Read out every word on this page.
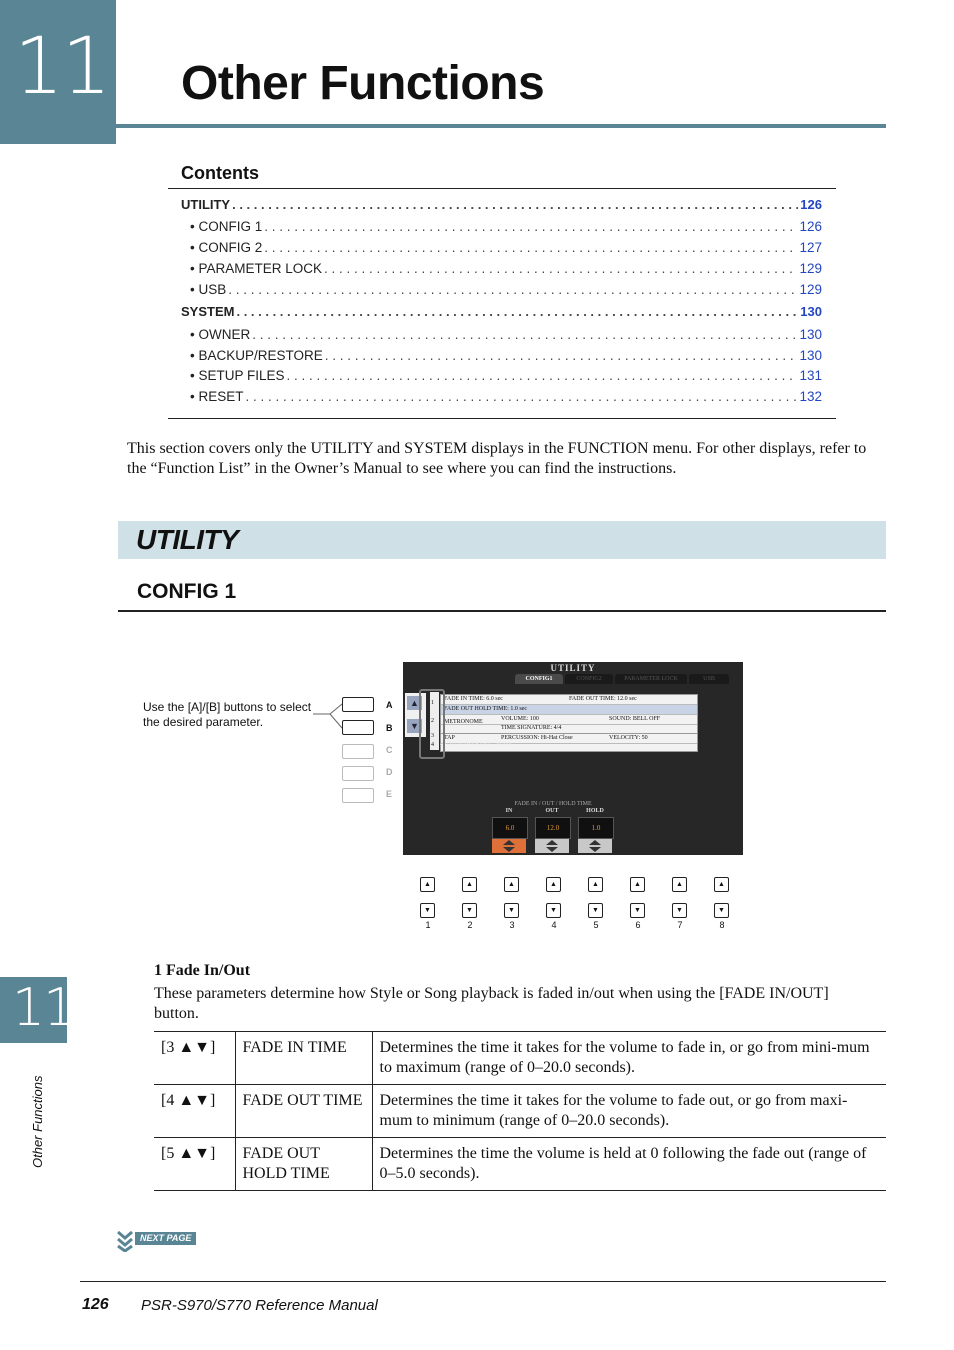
11 Other Functions
Contents
UTILITY . . .	126
• CONFIG 1 . . .	126
• CONFIG 2 . . .	127
• PARAMETER LOCK . . .	129
• USB . . .	129
SYSTEM . . .	130
• OWNER . . .	130
• BACKUP/RESTORE . . .	130
• SETUP FILES . . .	131
• RESET . . .	132
This section covers only the UTILITY and SYSTEM displays in the FUNCTION menu. For other displays, refer to the “Function List” in the Owner’s Manual to see where you can find the instructions.
UTILITY
CONFIG 1
Use the [A]/[B] buttons to select the desired parameter.
A
B
C
D
E
UTILITY
CONFIG1	CONFIG2	PARAMETER LOCK	USB
1
2
3
4
FADE IN TIME: 6.0 sec	FADE OUT TIME: 12.0 sec
FADE OUT HOLD TIME: 1.0 sec
METRONOME	VOLUME: 100	SOUND: BELL OFF
TIME SIGNATURE: 4/4
TAP	PERCUSSION: Hi-Hat Close	VELOCITY: 50
AUTO POWER OFF: 30 min.
FADE IN / OUT / HOLD TIME
IN	OUT	HOLD
6.0	12.0	1.0
▲
▼
▲
▼
1
▲
▼
2
▲
▼
3
▲
▼
4
▲
▼
5
▲
▼
6
▲
▼
7
▲
▼
8
1 Fade In/Out
These parameters determine how Style or Song playback is faded in/out when using the [FADE IN/OUT] button.
[3 ▲▼]	FADE IN TIME	Determines the time it takes for the volume to fade in, or go from mini-mum to maximum (range of 0–20.0 seconds).
[4 ▲▼]	FADE OUT TIME	Determines the time it takes for the volume to fade out, or go from maxi-mum to minimum (range of 0–20.0 seconds).
[5 ▲▼]	FADE OUT HOLD TIME	Determines the time the volume is held at 0 following the fade out (range of 0–5.0 seconds).
11
Other Functions
NEXT PAGE
126 PSR-S970/S770 Reference Manual
